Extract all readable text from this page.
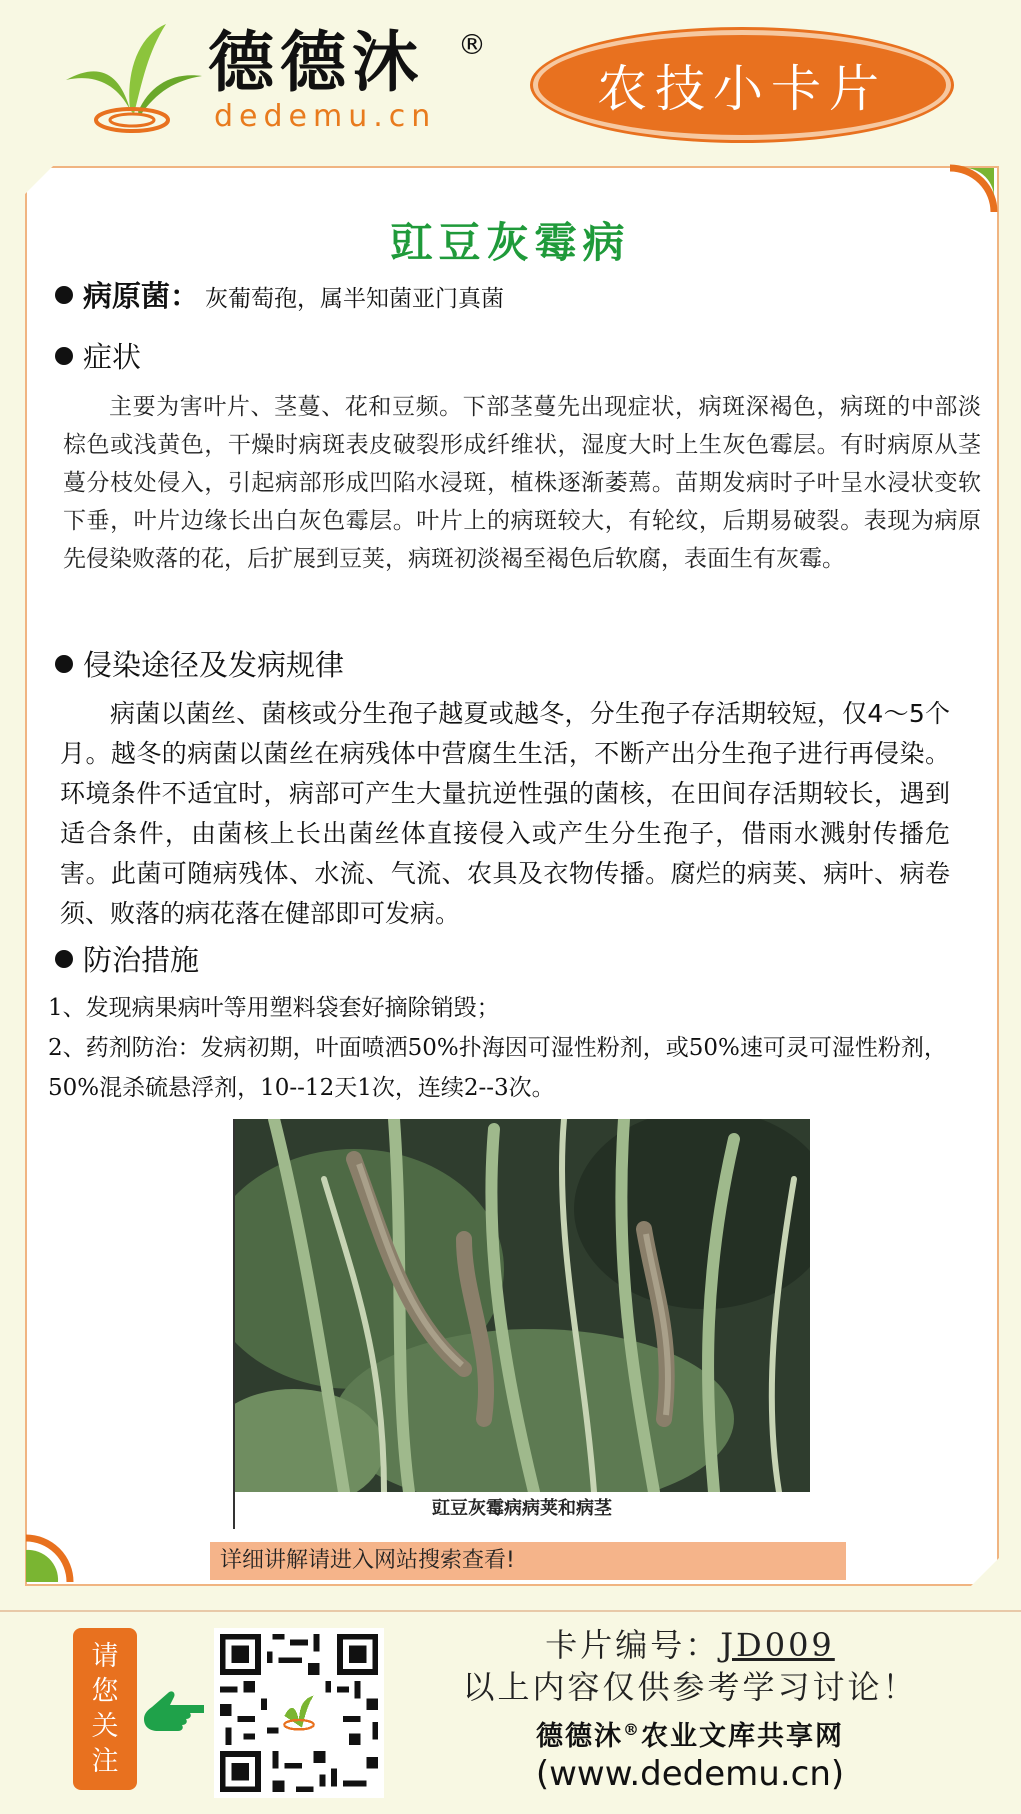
德德沐 ®
dedemu.cn	农技小卡片
豇豆灰霉病
病原菌： 灰葡萄孢，属半知菌亚门真菌
症状
主要为害叶片、茎蔓、花和豆频。下部茎蔓先出现症状，病斑深褐色，病斑的中部淡棕色或浅黄色，干燥时病斑表皮破裂形成纤维状，湿度大时上生灰色霉层。有时病原从茎蔓分枝处侵入，引起病部形成凹陷水浸斑，植株逐渐萎蔫。苗期发病时子叶呈水浸状变软下垂，叶片边缘长出白灰色霉层。叶片上的病斑较大，有轮纹，后期易破裂。表现为病原先侵染败落的花，后扩展到豆荚，病斑初淡褐至褐色后软腐，表面生有灰霉。
侵染途径及发病规律
病菌以菌丝、菌核或分生孢子越夏或越冬，分生孢子存活期较短，仅4～5个月。越冬的病菌以菌丝在病残体中营腐生生活，不断产出分生孢子进行再侵染。环境条件不适宜时，病部可产生大量抗逆性强的菌核，在田间存活期较长，遇到适合条件，由菌核上长出菌丝体直接侵入或产生分生孢子，借雨水溅射传播危害。此菌可随病残体、水流、气流、农具及衣物传播。腐烂的病荚、病叶、病卷须、败落的病花落在健部即可发病。
防治措施
1、发现病果病叶等用塑料袋套好摘除销毁；
2、药剂防治：发病初期，叶面喷洒50%扑海因可湿性粉剂，或50%速可灵可湿性粉剂，50%混杀硫悬浮剂，10--12天1次，连续2--3次。
豇豆灰霉病病荚和病茎
详细讲解请进入网站搜索查看!
请
您
关
注
卡片编号：JD009
以上内容仅供参考学习讨论！
德德沐®农业文库共享网
(www.dedemu.cn)
